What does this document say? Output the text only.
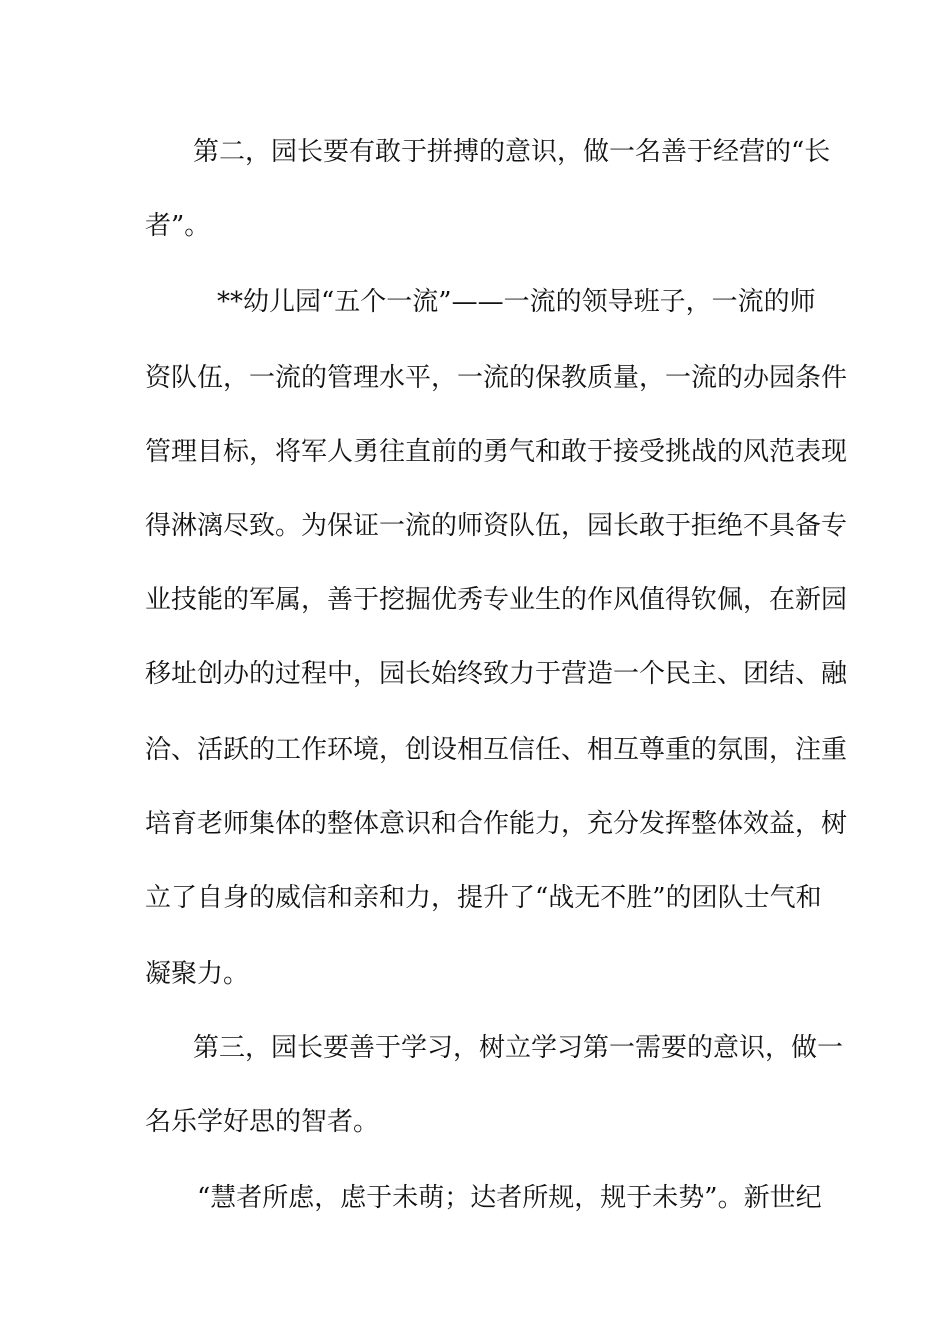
第二，园长要有敢于拼搏的意识，做一名善于经营的“长
者”。
**幼儿园“五个一流”——一流的领导班子，一流的师
资队伍，一流的管理水平，一流的保教质量，一流的办园条件
管理目标，将军人勇往直前的勇气和敢于接受挑战的风范表现
得淋漓尽致。为保证一流的师资队伍，园长敢于拒绝不具备专
业技能的军属，善于挖掘优秀专业生的作风值得钦佩，在新园
移址创办的过程中，园长始终致力于营造一个民主、团结、融
洽、活跃的工作环境，创设相互信任、相互尊重的氛围，注重
培育老师集体的整体意识和合作能力，充分发挥整体效益，树
立了自身的威信和亲和力，提升了“战无不胜”的团队士气和
凝聚力。
第三，园长要善于学习，树立学习第一需要的意识，做一
名乐学好思的智者。
“慧者所虑，虑于未萌；达者所规，规于未势”。新世纪
